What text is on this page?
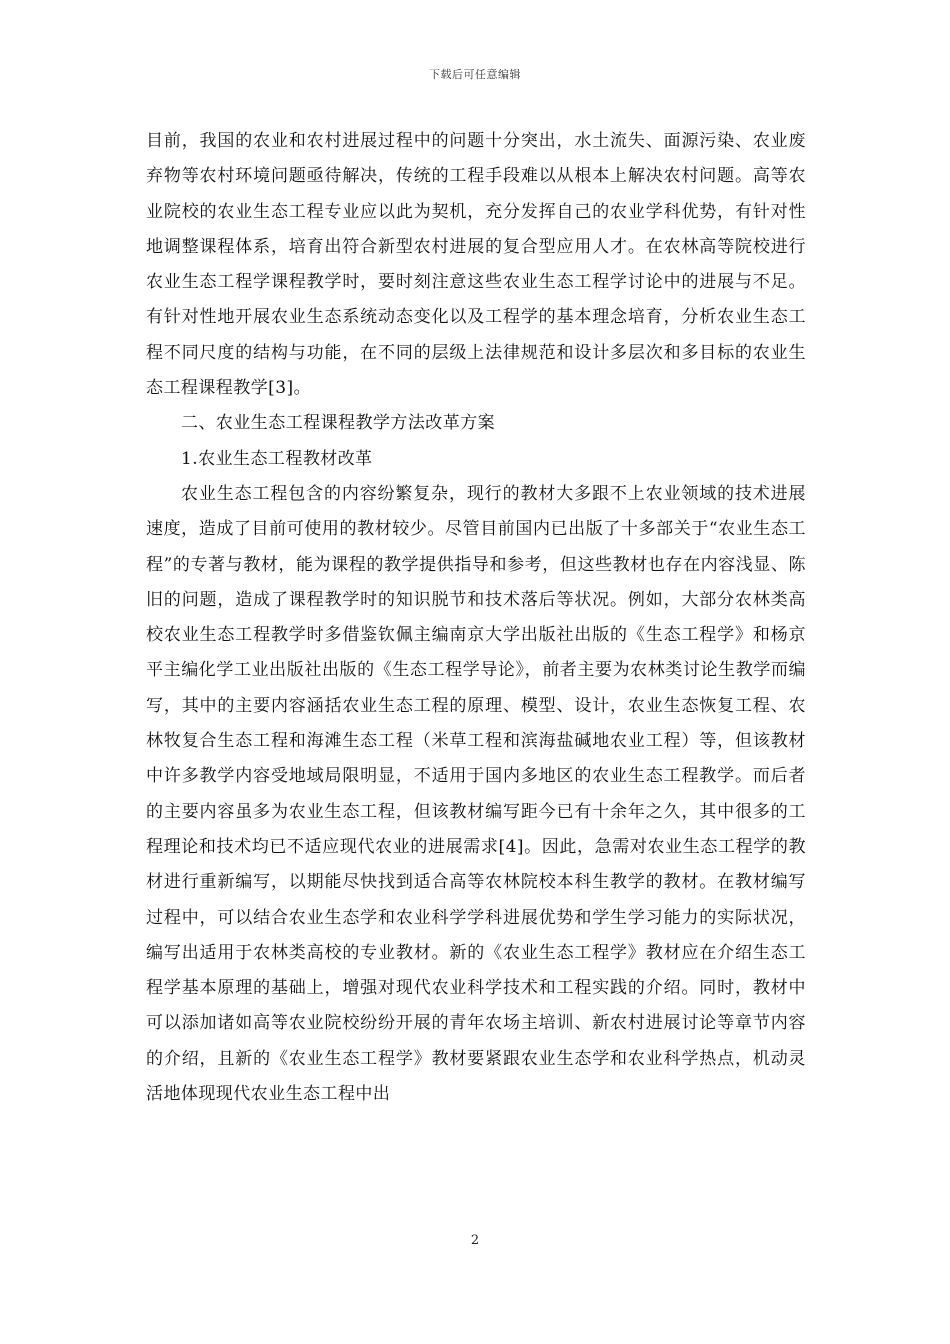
下载后可任意编辑

目前，我国的农业和农村进展过程中的问题十分突出，水土流失、面源污染、农业废弃物等农村环境问题亟待解决，传统的工程手段难以从根本上解决农村问题。高等农业院校的农业生态工程专业应以此为契机，充分发挥自己的农业学科优势，有针对性地调整课程体系，培育出符合新型农村进展的复合型应用人才。在农林高等院校进行农业生态工程学课程教学时，要时刻注意这些农业生态工程学讨论中的进展与不足。有针对性地开展农业生态系统动态变化以及工程学的基本理念培育，分析农业生态工程不同尺度的结构与功能，在不同的层级上法律规范和设计多层次和多目标的农业生态工程课程教学[3]。

二、农业生态工程课程教学方法改革方案

1.农业生态工程教材改革

农业生态工程包含的内容纷繁复杂，现行的教材大多跟不上农业领域的技术进展速度，造成了目前可使用的教材较少。尽管目前国内已出版了十多部关于“农业生态工程”的专著与教材，能为课程的教学提供指导和参考，但这些教材也存在内容浅显、陈旧的问题，造成了课程教学时的知识脱节和技术落后等状况。例如，大部分农林类高校农业生态工程教学时多借鉴钦佩主编南京大学出版社出版的《生态工程学》和杨京平主编化学工业出版社出版的《生态工程学导论》，前者主要为农林类讨论生教学而编写，其中的主要内容涵括农业生态工程的原理、模型、设计，农业生态恢复工程、农林牧复合生态工程和海滩生态工程（米草工程和滨海盐碱地农业工程）等，但该教材中许多教学内容受地域局限明显，不适用于国内多地区的农业生态工程教学。而后者的主要内容虽多为农业生态工程，但该教材编写距今已有十余年之久，其中很多的工程理论和技术均已不适应现代农业的进展需求[4]。因此，急需对农业生态工程学的教材进行重新编写，以期能尽快找到适合高等农林院校本科生教学的教材。在教材编写过程中，可以结合农业生态学和农业科学学科进展优势和学生学习能力的实际状况，编写出适用于农林类高校的专业教材。新的《农业生态工程学》教材应在介绍生态工程学基本原理的基础上，增强对现代农业科学技术和工程实践的介绍。同时，教材中可以添加诸如高等农业院校纷纷开展的青年农场主培训、新农村进展讨论等章节内容的介绍，且新的《农业生态工程学》教材要紧跟农业生态学和农业科学热点，机动灵活地体现现代农业生态工程中出

2
